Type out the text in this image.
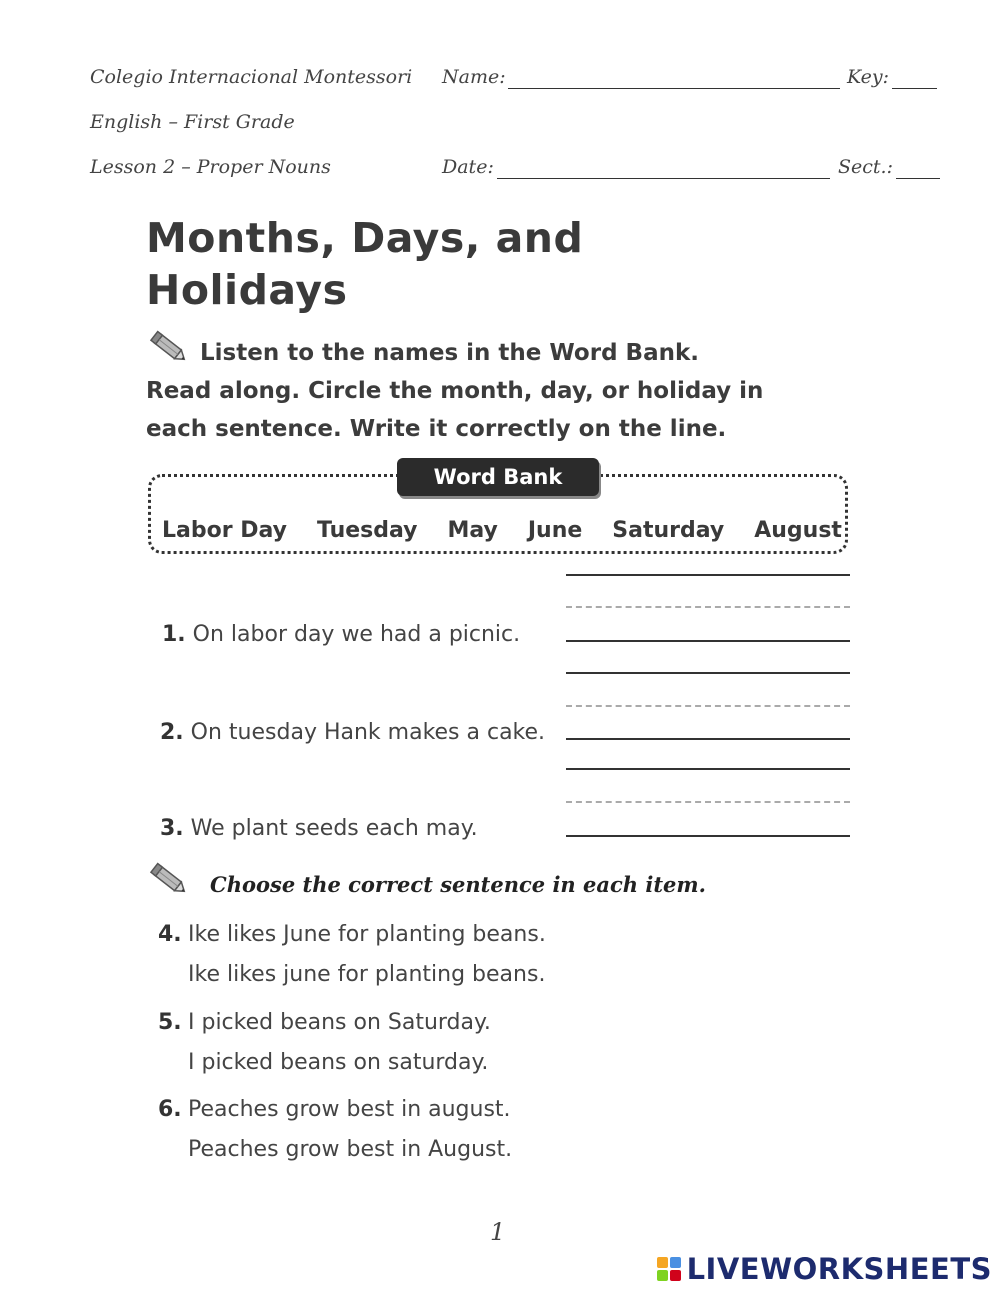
Colegio Internacional Montessori
English – First Grade
Lesson 2 – Proper Nouns
Name:	Key:
Date:	Sect.:
Months, Days, and
Holidays
Listen to the names in the Word Bank. Read along. Circle the month, day, or holiday in each sentence. Write it correctly on the line.
Word Bank
Labor Day Tuesday May June Saturday August
1. On labor day we had a picnic.
2. On tuesday Hank makes a cake.
3. We plant seeds each may.
Choose the correct sentence in each item.
4. Ike likes June for planting beans.
Ike likes june for planting beans.
5. I picked beans on Saturday.
I picked beans on saturday.
6. Peaches grow best in august.
Peaches grow best in August.
1
LIVEWORKSHEETS
